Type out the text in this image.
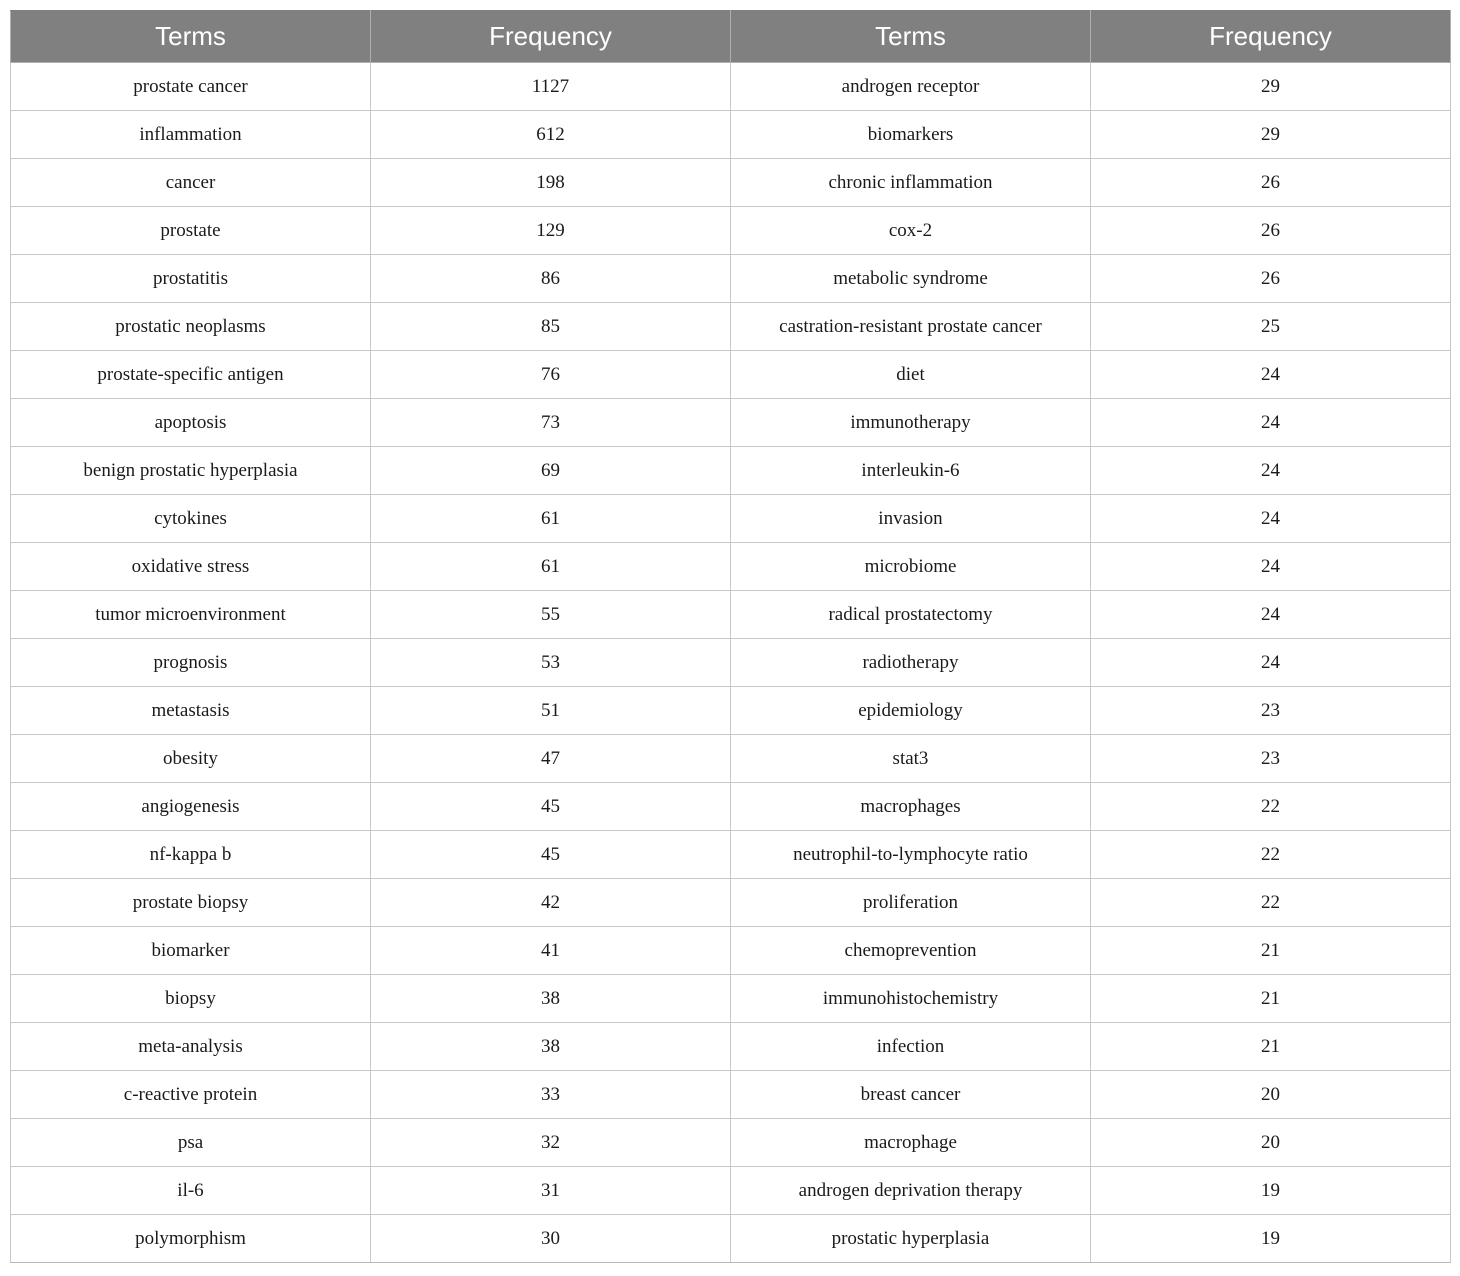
Terms	Frequency	Terms	Frequency
prostate cancer	1127	androgen receptor	29
inflammation	612	biomarkers	29
cancer	198	chronic inflammation	26
prostate	129	cox-2	26
prostatitis	86	metabolic syndrome	26
prostatic neoplasms	85	castration-resistant prostate cancer	25
prostate-specific antigen	76	diet	24
apoptosis	73	immunotherapy	24
benign prostatic hyperplasia	69	interleukin-6	24
cytokines	61	invasion	24
oxidative stress	61	microbiome	24
tumor microenvironment	55	radical prostatectomy	24
prognosis	53	radiotherapy	24
metastasis	51	epidemiology	23
obesity	47	stat3	23
angiogenesis	45	macrophages	22
nf-kappa b	45	neutrophil-to-lymphocyte ratio	22
prostate biopsy	42	proliferation	22
biomarker	41	chemoprevention	21
biopsy	38	immunohistochemistry	21
meta-analysis	38	infection	21
c-reactive protein	33	breast cancer	20
psa	32	macrophage	20
il-6	31	androgen deprivation therapy	19
polymorphism	30	prostatic hyperplasia	19
